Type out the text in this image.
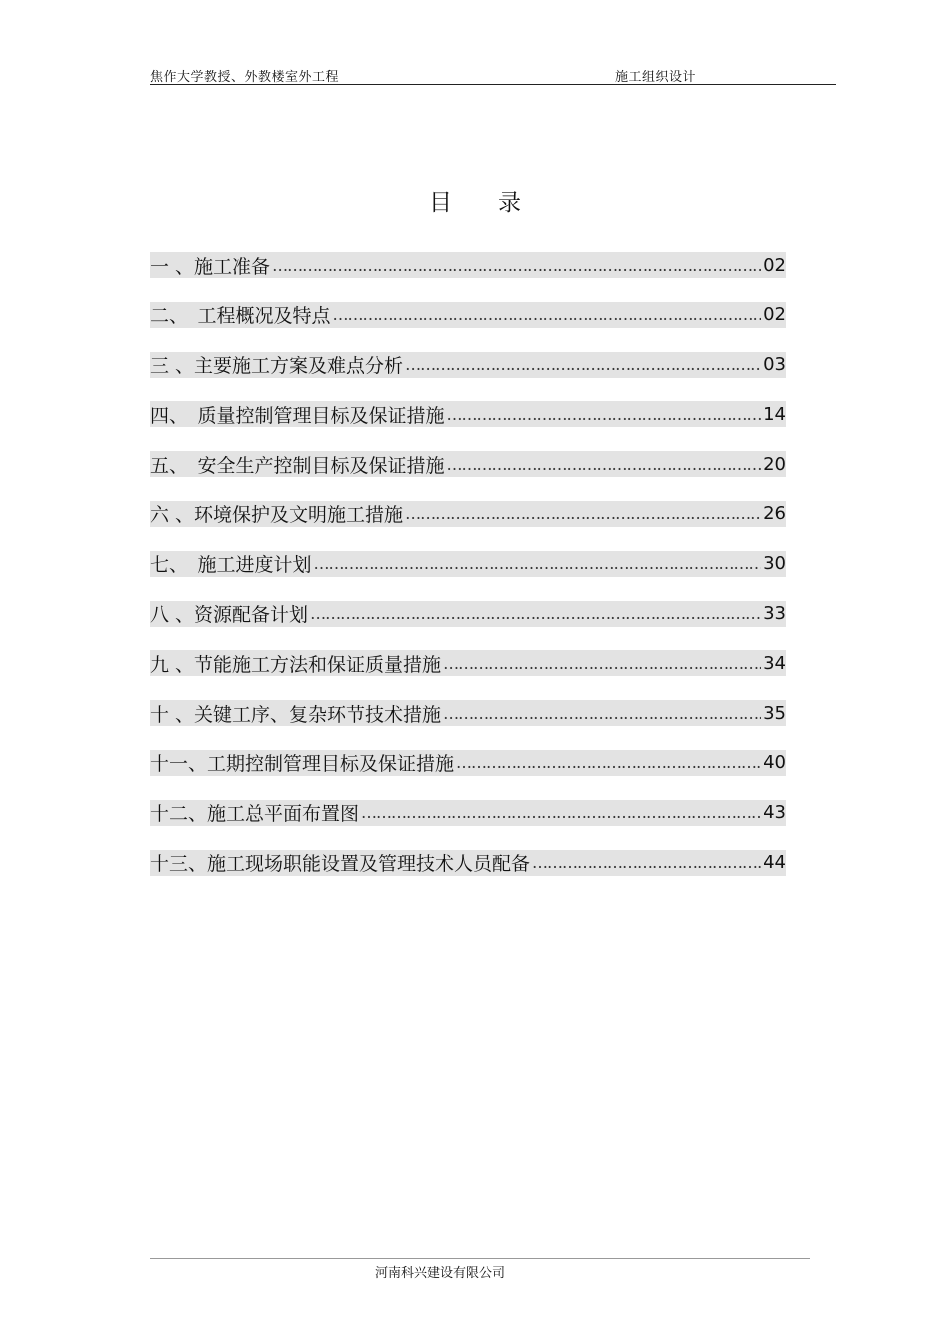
焦作大学教授、外教楼室外工程	施工组织设计
目录
一 、 施工准备 ……………………………………………………………………………………………………………………………………	02
二、　 工程概况及特点 ……………………………………………………………………………………………………………………………………	02
三 、 主要施工方案及难点分析 ……………………………………………………………………………………………………………………………………	03
四、　 质量控制管理目标及保证措施 ……………………………………………………………………………………………………………………………………	14
五、　 安全生产控制目标及保证措施 ……………………………………………………………………………………………………………………………………	20
六 、 环境保护及文明施工措施 ……………………………………………………………………………………………………………………………………	26
七、　 施工进度计划 ……………………………………………………………………………………………………………………………………	30
八 、 资源配备计划 ……………………………………………………………………………………………………………………………………	33
九 、 节能施工方法和保证质量措施 ……………………………………………………………………………………………………………………………………	34
十 、 关键工序、复杂环节技术措施 ……………………………………………………………………………………………………………………………………	35
十一、 工期控制管理目标及保证措施 ……………………………………………………………………………………………………………………………………	40
十二、 施工总平面布置图 ……………………………………………………………………………………………………………………………………	43
十三、 施工现场职能设置及管理技术人员配备 ……………………………………………………………………………………………………………………………………	44
河南科兴建设有限公司
